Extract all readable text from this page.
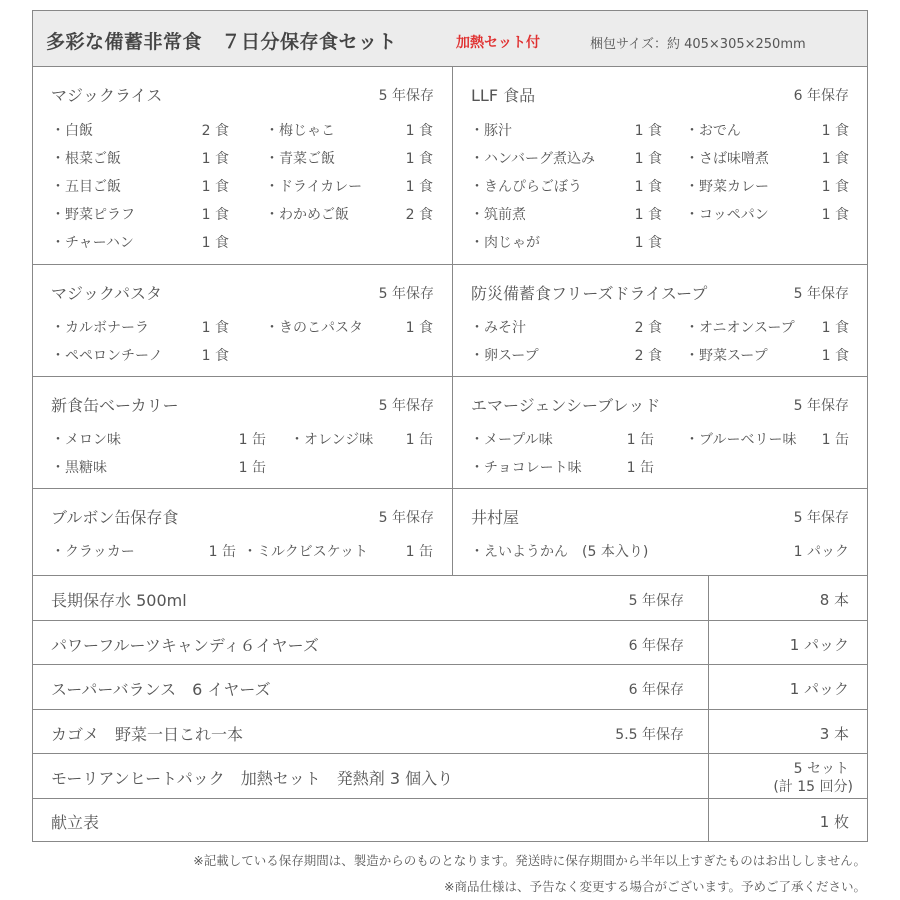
多彩な備蓄非常食　７日分保存食セット	加熱セット付	梱包サイズ：約 405×305×250mm
マジックライス	5 年保存
・白飯	2 食	・梅じゃこ	1 食
・根菜ご飯	1 食	・青菜ご飯	1 食
・五目ご飯	1 食	・ドライカレー	1 食
・野菜ピラフ	1 食	・わかめご飯	2 食
・チャーハン	1 食
LLF 食品	6 年保存
・豚汁	1 食 ・おでん	1 食
・ハンバーグ煮込み	1 食 ・さば味噌煮	1 食
・きんぴらごぼう	1 食 ・野菜カレー	1 食
・筑前煮	1 食 ・コッペパン	1 食
・肉じゃが	1 食
マジックパスタ	5 年保存
・カルボナーラ	1 食	・きのこパスタ	1 食
・ペペロンチーノ	1 食
防災備蓄食フリーズドライスープ	5 年保存
・みそ汁	2 食 ・オニオンスープ 1 食
・卵スープ	2 食 ・野菜スープ	1 食
新食缶ベーカリー	5 年保存
・メロン味	1 缶 ・オレンジ味 1 缶
・黒糖味	1 缶
エマージェンシーブレッド	5 年保存
・メープル味	1 缶 ・ブルーベリー味 1 缶
・チョコレート味	1 缶
ブルボン缶保存食	5 年保存
・クラッカー	1 缶 ・ミルクビスケット	1 缶
井村屋	5 年保存
・えいようかん　(5 本入り)	1 パック
長期保存水 500ml	5 年保存	8 本
パワーフルーツキャンディ６イヤーズ	6 年保存	1 パック
スーパーバランス　6 イヤーズ	6 年保存	1 パック
カゴメ　野菜一日これ一本	5.5 年保存	3 本
モーリアンヒートパック　加熱セット　発熱剤 3 個入り	5 セット
(計 15 回分)
献立表	1 枚
※記載している保存期間は、製造からのものとなります。発送時に保存期間から半年以上すぎたものはお出ししません。
※商品仕様は、予告なく変更する場合がございます。予めご了承ください。
